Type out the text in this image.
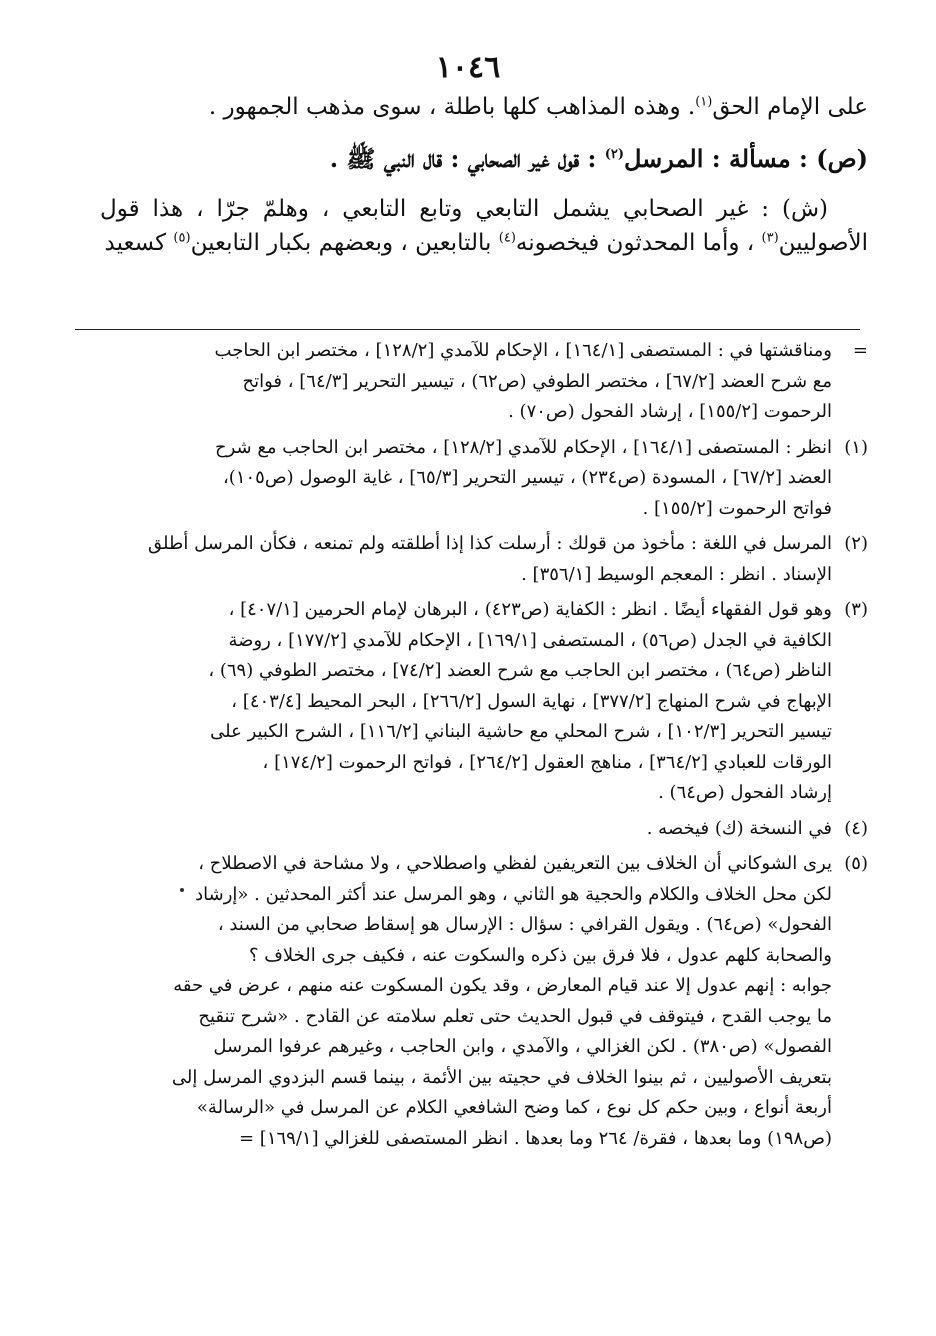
١٠٤٦

على الإمام الحق$^{(١)}$. وهذه المذاهب كلها باطلة ، سوى مذهب الجمهور .

(ص) : مسألة : المرسل$^{(٢)}$ : قول غير الصحابي : قال النبي ﷺ .

(ش) : غير الصحابي يشمل التابعي وتابع التابعي ، وهلمّ جرّا ، هذا قول الأصوليين$^{(٣)}$ ، وأما المحدثون فيخصونه$^{(٤)}$ بالتابعين ، وبعضهم بكبار التابعين$^{(٥)}$ كسعيد

=

ومناقشتها في : المستصفى [١٦٤/١] ، الإحكام للآمدي [١٢٨/٢] ، مختصر ابن الحاجب
مع شرح العضد [٦٧/٢] ، مختصر الطوفي (ص٦٢) ، تيسير التحرير [٦٤/٣] ، فواتح
الرحموت [١٥٥/٢] ، إرشاد الفحول (ص٧٠) .

(١)

انظر : المستصفى [١٦٤/١] ، الإحكام للآمدي [١٢٨/٢] ، مختصر ابن الحاجب مع شرح
العضد [٦٧/٢] ، المسودة (ص٢٣٤) ، تيسير التحرير [٦٥/٣] ، غاية الوصول (ص١٠٥)،
فواتح الرحموت [١٥٥/٢] .

(٢)

المرسل في اللغة : مأخوذ من قولك : أرسلت كذا إذا أطلقته ولم تمنعه ، فكأن المرسل أطلق
الإسناد . انظر : المعجم الوسيط [٣٥٦/١] .

(٣)

وهو قول الفقهاء أيضًا . انظر : الكفاية (ص٤٢٣) ، البرهان لإمام الحرمين [٤٠٧/١] ،
الكافية في الجدل (ص٥٦) ، المستصفى [١٦٩/١] ، الإحكام للآمدي [١٧٧/٢] ، روضة
الناظر (ص٦٤) ، مختصر ابن الحاجب مع شرح العضد [٧٤/٢] ، مختصر الطوفي (٦٩) ،
الإبهاج في شرح المنهاج [٣٧٧/٢] ، نهاية السول [٢٦٦/٢] ، البحر المحيط [٤٠٣/٤] ،
تيسير التحرير [١٠٢/٣] ، شرح المحلي مع حاشية البناني [١١٦/٢] ، الشرح الكبير على
الورقات للعبادي [٣٦٤/٢] ، مناهج العقول [٢٦٤/٢] ، فواتح الرحموت [١٧٤/٢] ،
إرشاد الفحول (ص٦٤) .

(٤)

في النسخة (ك) فيخصه .

(٥)

يرى الشوكاني أن الخلاف بين التعريفين لفظي واصطلاحي ، ولا مشاحة في الاصطلاح ،
لكن محل الخلاف والكلام والحجية هو الثاني ، وهو المرسل عند أكثر المحدثين . «إرشاد
الفحول» (ص٦٤) . ويقول القرافي : سؤال : الإرسال هو إسقاط صحابي من السند ،
والصحابة كلهم عدول ، فلا فرق بين ذكره والسكوت عنه ، فكيف جرى الخلاف ؟
جوابه : إنهم عدول إلا عند قيام المعارض ، وقد يكون المسكوت عنه منهم ، عرض في حقه
ما يوجب القدح ، فيتوقف في قبول الحديث حتى تعلم سلامته عن القادح . «شرح تنقيح
الفصول» (ص٣٨٠) . لكن الغزالي ، والآمدي ، وابن الحاجب ، وغيرهم عرفوا المرسل
بتعريف الأصوليين ، ثم بينوا الخلاف في حجيته بين الأئمة ، بينما قسم البزدوي المرسل إلى
أربعة أنواع ، وبين حكم كل نوع ، كما وضح الشافعي الكلام عن المرسل في «الرسالة»
(ص١٩٨) وما بعدها ، فقرة/ ٢٦٤ وما بعدها . انظر المستصفى للغزالي [١٦٩/١] =
